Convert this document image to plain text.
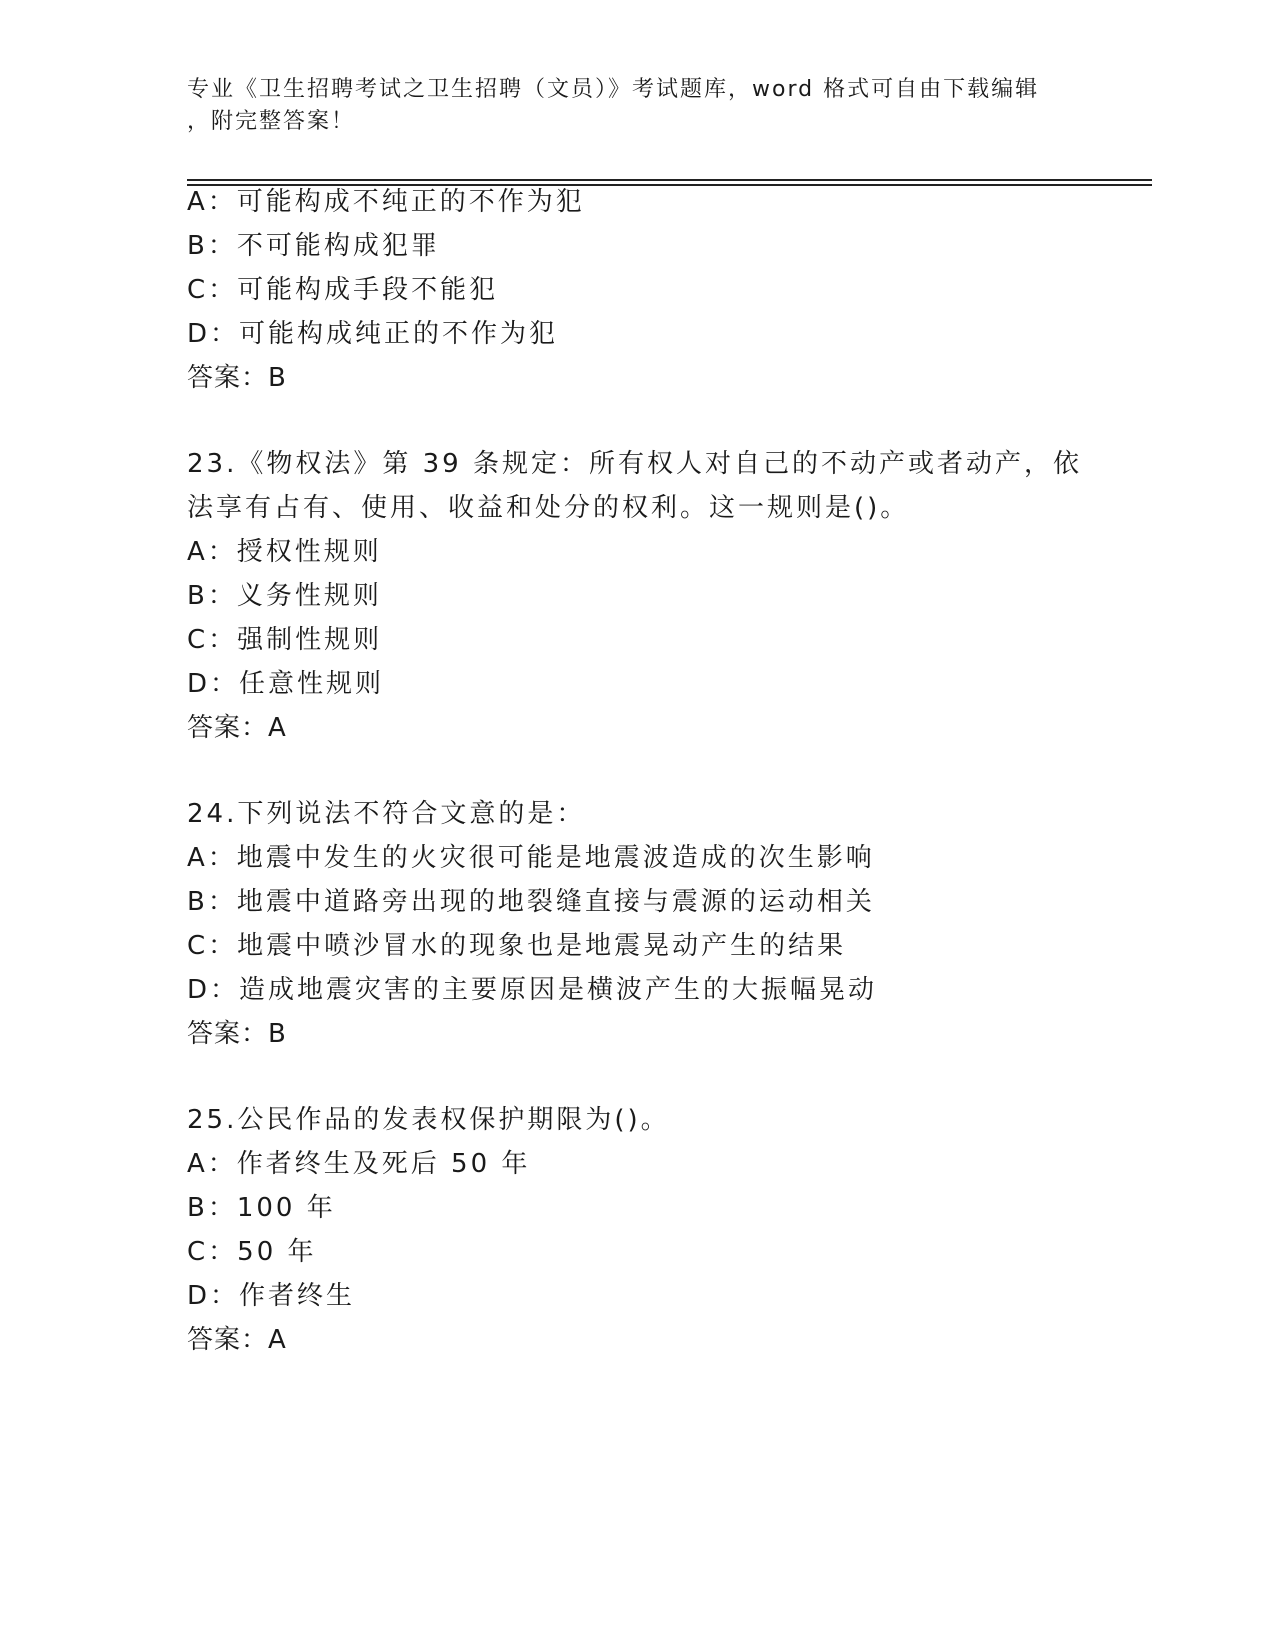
专业《卫生招聘考试之卫生招聘（文员）》考试题库，word 格式可自由下载编辑
，附完整答案！
A：可能构成不纯正的不作为犯
B：不可能构成犯罪
C：可能构成手段不能犯
D：可能构成纯正的不作为犯
答案：B
23.《物权法》第 39 条规定：所有权人对自己的不动产或者动产，依
法享有占有、使用、收益和处分的权利。这一规则是()。
A：授权性规则
B：义务性规则
C：强制性规则
D：任意性规则
答案：A
24.下列说法不符合文意的是：
A：地震中发生的火灾很可能是地震波造成的次生影响
B：地震中道路旁出现的地裂缝直接与震源的运动相关
C：地震中喷沙冒水的现象也是地震晃动产生的结果
D：造成地震灾害的主要原因是横波产生的大振幅晃动
答案：B
25.公民作品的发表权保护期限为()。
A：作者终生及死后 50 年
B：100 年
C：50 年
D：作者终生
答案：A
